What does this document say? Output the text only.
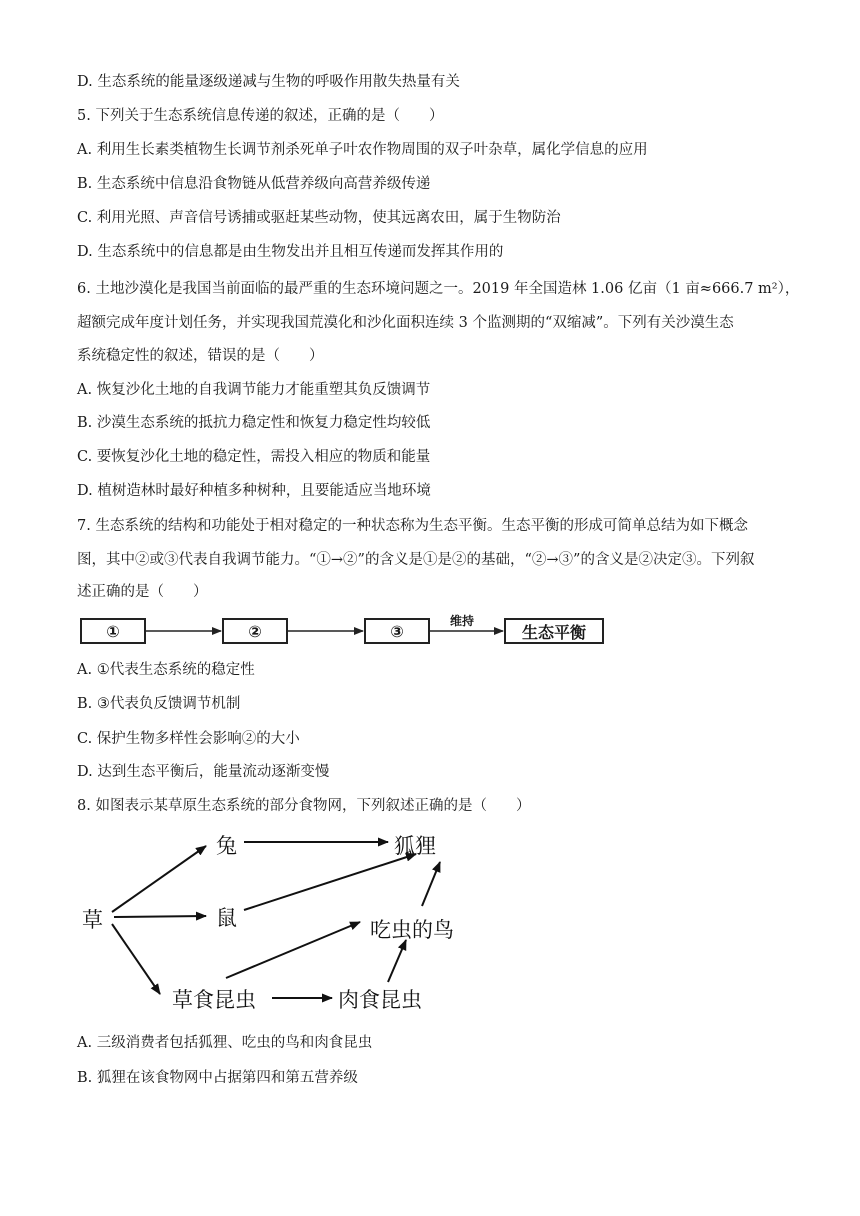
D. 生态系统的能量逐级递减与生物的呼吸作用散失热量有关
5. 下列关于生态系统信息传递的叙述，正确的是（　　）
A. 利用生长素类植物生长调节剂杀死单子叶农作物周围的双子叶杂草，属化学信息的应用
B. 生态系统中信息沿食物链从低营养级向高营养级传递
C. 利用光照、声音信号诱捕或驱赶某些动物，使其远离农田，属于生物防治
D. 生态系统中的信息都是由生物发出并且相互传递而发挥其作用的
6. 土地沙漠化是我国当前面临的最严重的生态环境问题之一。2019 年全国造林 1.06 亿亩（1 亩≈666.7 m²），
超额完成年度计划任务，并实现我国荒漠化和沙化面积连续 3 个监测期的“双缩减”。下列有关沙漠生态
系统稳定性的叙述，错误的是（　　）
A. 恢复沙化土地的自我调节能力才能重塑其负反馈调节
B. 沙漠生态系统的抵抗力稳定性和恢复力稳定性均较低
C. 要恢复沙化土地的稳定性，需投入相应的物质和能量
D. 植树造林时最好种植多种树种，且要能适应当地环境
7. 生态系统的结构和功能处于相对稳定的一种状态称为生态平衡。生态平衡的形成可简单总结为如下概念
图，其中②或③代表自我调节能力。“①→②”的含义是①是②的基础，“②→③”的含义是②决定③。下列叙
述正确的是（　　）
①	②	③	生态平衡
维持
A. ①代表生态系统的稳定性
B. ③代表负反馈调节机制
C. 保护生物多样性会影响②的大小
D. 达到生态平衡后，能量流动逐渐变慢
8. 如图表示某草原生态系统的部分食物网，下列叙述正确的是（　　）
草
兔
鼠
狐狸
吃虫的鸟
草食昆虫	肉食昆虫
A. 三级消费者包括狐狸、吃虫的鸟和肉食昆虫
B. 狐狸在该食物网中占据第四和第五营养级
